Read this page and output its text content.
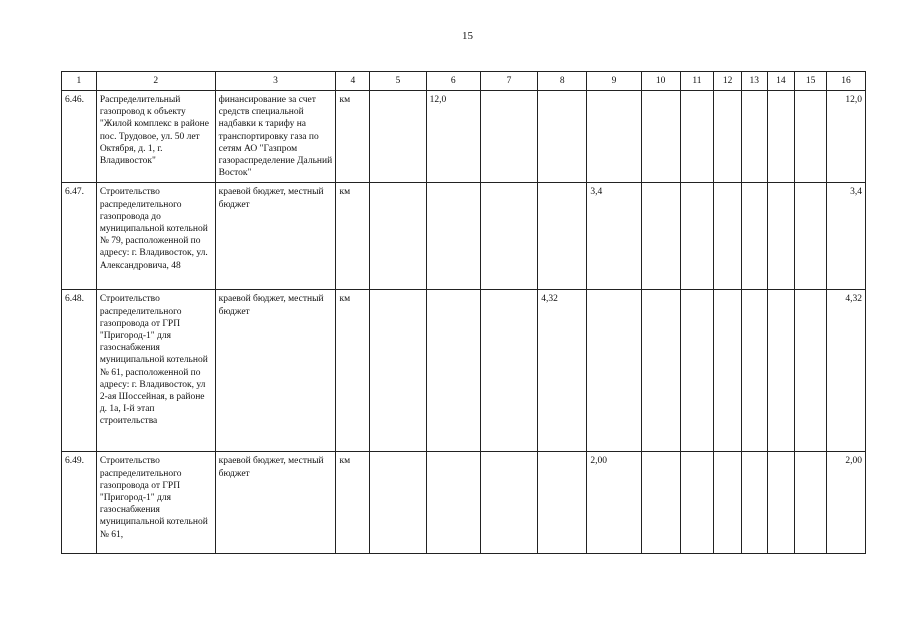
15
1	2	3	4	5	6	7	8	9	10	11	12	13	14	15	16
6.46.	Распределительный газопровод к объекту "Жилой комплекс в районе пос. Трудовое, ул. 50 лет Октября, д. 1, г. Владивосток"	финансирование за счет средств специальной надбавки к тарифу на транспортировку газа по сетям АО "Газпром газораспределение Дальний Восток"	км		12,0										12,0
6.47.	Строительство распределительного газопровода до муниципальной котельной № 79, расположенной по адресу: г. Владивосток, ул. Александровича, 48	краевой бюджет, местный бюджет	км					3,4							3,4
6.48.	Строительство распределительного газопровода от ГРП "Пригород-1" для газоснабжения муниципальной котельной № 61, расположенной по адресу: г. Владивосток, ул 2-ая Шоссейная, в районе д. 1а, I-й этап строительства	краевой бюджет, местный бюджет	км				4,32								4,32
6.49.	Строительство распределительного газопровода от ГРП "Пригород-1" для газоснабжения муниципальной котельной № 61,	краевой бюджет, местный бюджет	км					2,00							2,00
